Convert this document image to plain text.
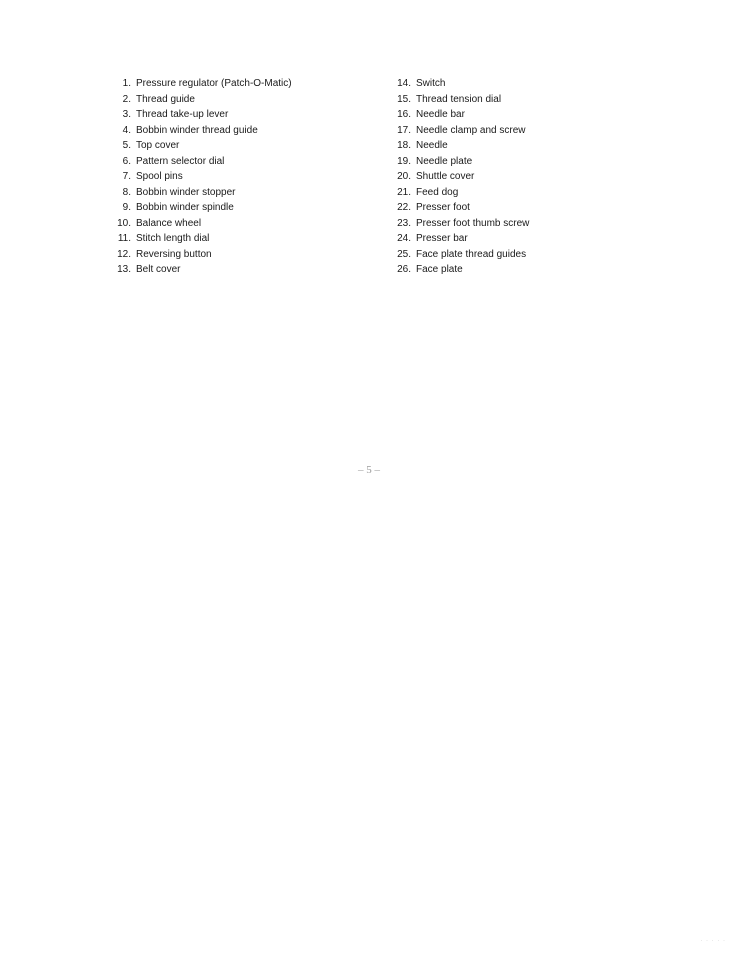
1. Pressure regulator (Patch-O-Matic)
2. Thread guide
3. Thread take-up lever
4. Bobbin winder thread guide
5. Top cover
6. Pattern selector dial
7. Spool pins
8. Bobbin winder stopper
9. Bobbin winder spindle
10. Balance wheel
11. Stitch length dial
12. Reversing button
13. Belt cover
14. Switch
15. Thread tension dial
16. Needle bar
17. Needle clamp and screw
18. Needle
19. Needle plate
20. Shuttle cover
21. Feed dog
22. Presser foot
23. Presser foot thumb screw
24. Presser bar
25. Face plate thread guides
26. Face plate
– 5 –
· · · · ·
